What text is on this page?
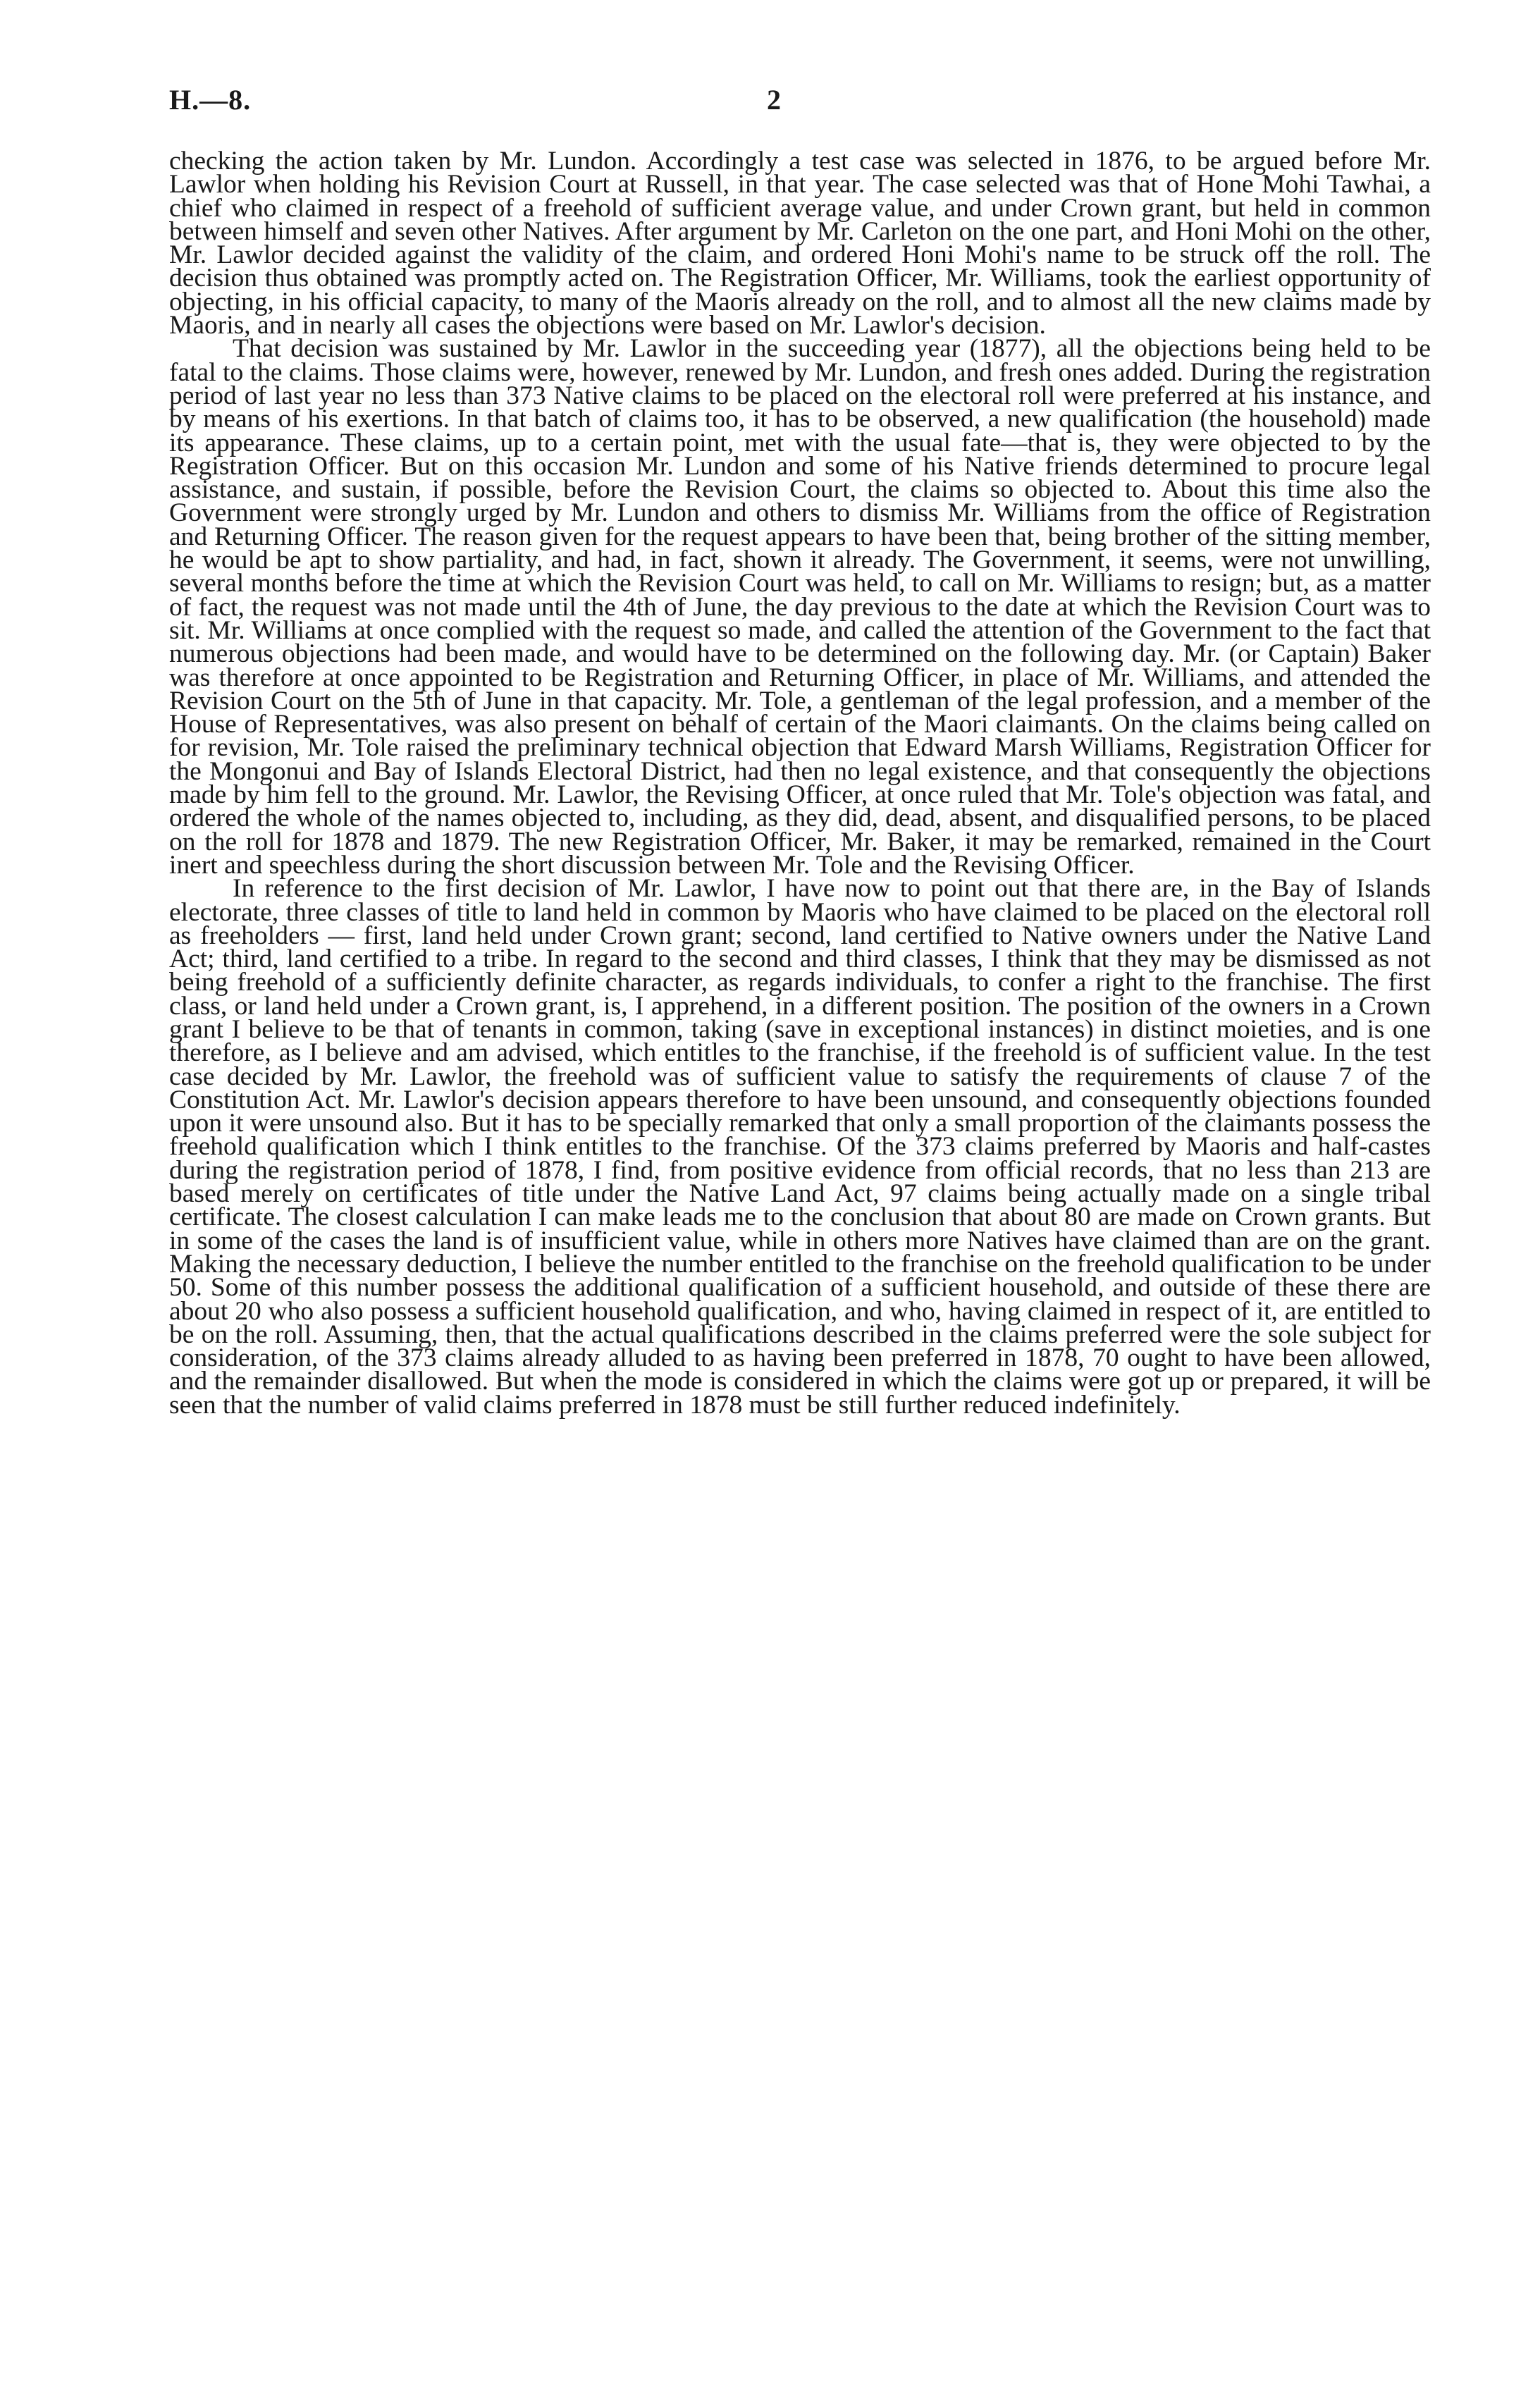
H.—8.	2

checking the action taken by Mr. Lundon. Accordingly a test case was selected in 1876, to be argued before Mr. Lawlor when holding his Revision Court at Russell, in that year. The case selected was that of Hone Mohi Tawhai, a chief who claimed in respect of a freehold of sufficient average value, and under Crown grant, but held in common between himself and seven other Natives. After argument by Mr. Carleton on the one part, and Honi Mohi on the other, Mr. Lawlor decided against the validity of the claim, and ordered Honi Mohi's name to be struck off the roll. The decision thus obtained was promptly acted on. The Registration Officer, Mr. Williams, took the earliest opportunity of objecting, in his official capacity, to many of the Maoris already on the roll, and to almost all the new claims made by Maoris, and in nearly all cases the objections were based on Mr. Lawlor's decision.

That decision was sustained by Mr. Lawlor in the succeeding year (1877), all the objections being held to be fatal to the claims. Those claims were, however, renewed by Mr. Lundon, and fresh ones added. During the registration period of last year no less than 373 Native claims to be placed on the electoral roll were preferred at his instance, and by means of his exertions. In that batch of claims too, it has to be observed, a new qualification (the household) made its appearance. These claims, up to a certain point, met with the usual fate—that is, they were objected to by the Registration Officer. But on this occasion Mr. Lundon and some of his Native friends determined to procure legal assistance, and sustain, if possible, before the Revision Court, the claims so objected to. About this time also the Government were strongly urged by Mr. Lundon and others to dismiss Mr. Williams from the office of Registration and Returning Officer. The reason given for the request appears to have been that, being brother of the sitting member, he would be apt to show partiality, and had, in fact, shown it already. The Government, it seems, were not unwilling, several months before the time at which the Revision Court was held, to call on Mr. Williams to resign; but, as a matter of fact, the request was not made until the 4th of June, the day previous to the date at which the Revision Court was to sit. Mr. Williams at once complied with the request so made, and called the attention of the Government to the fact that numerous objections had been made, and would have to be determined on the following day. Mr. (or Captain) Baker was therefore at once appointed to be Registration and Returning Officer, in place of Mr. Williams, and attended the Revision Court on the 5th of June in that capacity. Mr. Tole, a gentleman of the legal profession, and a member of the House of Representatives, was also present on behalf of certain of the Maori claimants. On the claims being called on for revision, Mr. Tole raised the preliminary technical objection that Edward Marsh Williams, Registration Officer for the Mongonui and Bay of Islands Electoral District, had then no legal existence, and that consequently the objections made by him fell to the ground. Mr. Lawlor, the Revising Officer, at once ruled that Mr. Tole's objection was fatal, and ordered the whole of the names objected to, including, as they did, dead, absent, and disqualified persons, to be placed on the roll for 1878 and 1879. The new Registration Officer, Mr. Baker, it may be remarked, remained in the Court inert and speechless during the short discussion between Mr. Tole and the Revising Officer.

In reference to the first decision of Mr. Lawlor, I have now to point out that there are, in the Bay of Islands electorate, three classes of title to land held in common by Maoris who have claimed to be placed on the electoral roll as freeholders — first, land held under Crown grant; second, land certified to Native owners under the Native Land Act; third, land certified to a tribe. In regard to the second and third classes, I think that they may be dismissed as not being freehold of a sufficiently definite character, as regards individuals, to confer a right to the franchise. The first class, or land held under a Crown grant, is, I apprehend, in a different position. The position of the owners in a Crown grant I believe to be that of tenants in common, taking (save in exceptional instances) in distinct moieties, and is one therefore, as I believe and am advised, which entitles to the franchise, if the freehold is of sufficient value. In the test case decided by Mr. Lawlor, the freehold was of sufficient value to satisfy the requirements of clause 7 of the Constitution Act. Mr. Lawlor's decision appears therefore to have been unsound, and consequently objections founded upon it were unsound also. But it has to be specially remarked that only a small proportion of the claimants possess the freehold qualification which I think entitles to the franchise. Of the 373 claims preferred by Maoris and half-castes during the registration period of 1878, I find, from positive evidence from official records, that no less than 213 are based merely on certificates of title under the Native Land Act, 97 claims being actually made on a single tribal certificate. The closest calculation I can make leads me to the conclusion that about 80 are made on Crown grants. But in some of the cases the land is of insufficient value, while in others more Natives have claimed than are on the grant. Making the necessary deduction, I believe the number entitled to the franchise on the freehold qualification to be under 50. Some of this number possess the additional qualification of a sufficient household, and outside of these there are about 20 who also possess a sufficient household qualification, and who, having claimed in respect of it, are entitled to be on the roll. Assuming, then, that the actual qualifications described in the claims preferred were the sole subject for consideration, of the 373 claims already alluded to as having been preferred in 1878, 70 ought to have been allowed, and the remainder disallowed. But when the mode is considered in which the claims were got up or prepared, it will be seen that the number of valid claims preferred in 1878 must be still further reduced indefinitely.
